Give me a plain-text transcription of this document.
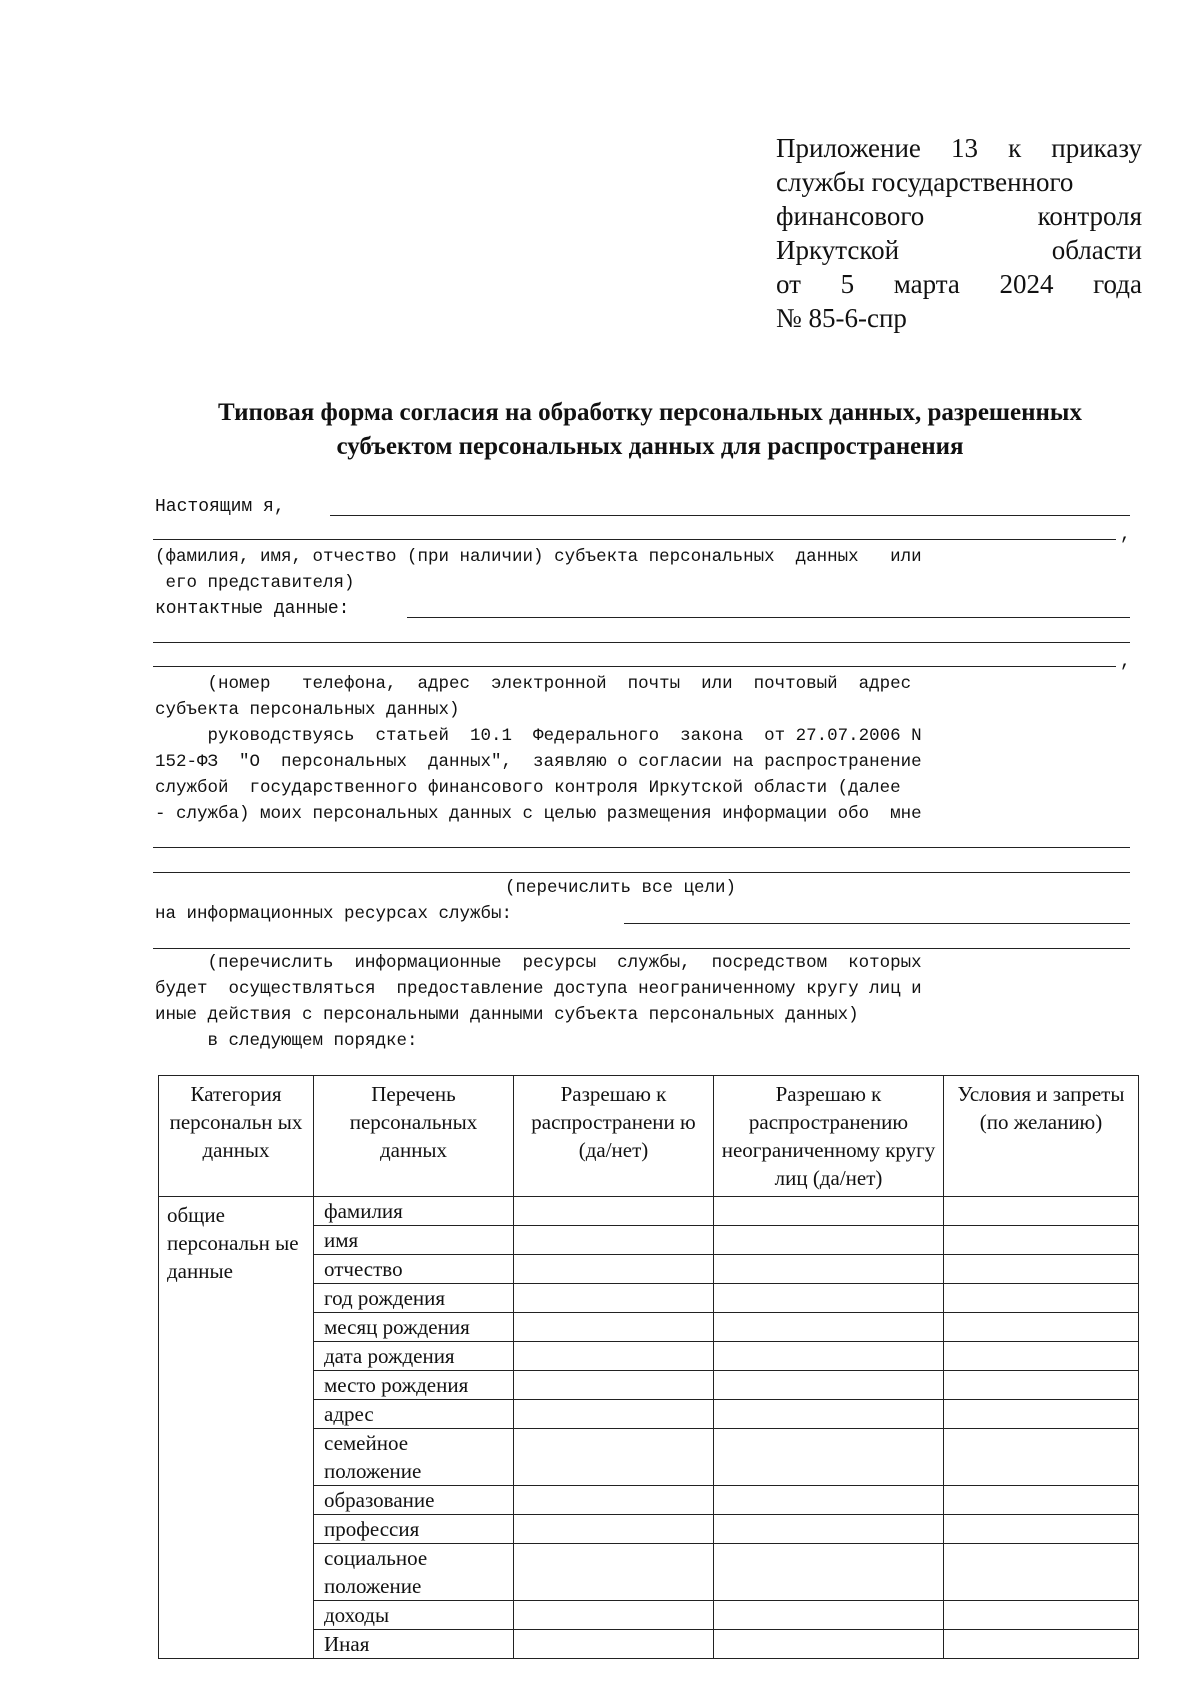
Приложение 13 к приказу
службы государственного
финансового	контроля
Иркутской	области
от 5 марта 2024 года
№ 85-6-спр
Типовая форма согласия на обработку персональных данных, разрешенных
субъектом персональных данных для распространения
Настоящим я,
,
(фамилия, имя, отчество (при наличии) субъекта персональных  данных   или
его представителя)
контактные данные:
,
(номер   телефона,  адрес  электронной  почты  или  почтовый  адрес
субъекта персональных данных)
руководствуясь  статьей  10.1  Федерального  закона  от 27.07.2006 N
152-ФЗ  "О  персональных  данных",  заявляю о согласии на распространение
службой  государственного финансового контроля Иркутской области (далее
- служба) моих персональных данных с целью размещения информации обо  мне
(перечислить все цели)
на информационных ресурсах службы:
(перечислить  информационные  ресурсы  службы,  посредством  которых
будет  осуществляться  предоставление доступа неограниченному кругу лиц и
иные действия с персональными данными субъекта персональных данных)
в следующем порядке:
Категория персональн ых данных	Перечень персональных данных	Разрешаю к распространени ю (да/нет)	Разрешаю к распространению неограниченному кругу лиц (да/нет)	Условия и запреты (по желанию)
общие персональн ые данные	фамилия			
	имя			
	отчество			
	год рождения			
	месяц рождения			
	дата рождения			
	место рождения			
	адрес			
	семейное положение			
	образование			
	профессия			
	социальное положение			
	доходы			
	Иная			
